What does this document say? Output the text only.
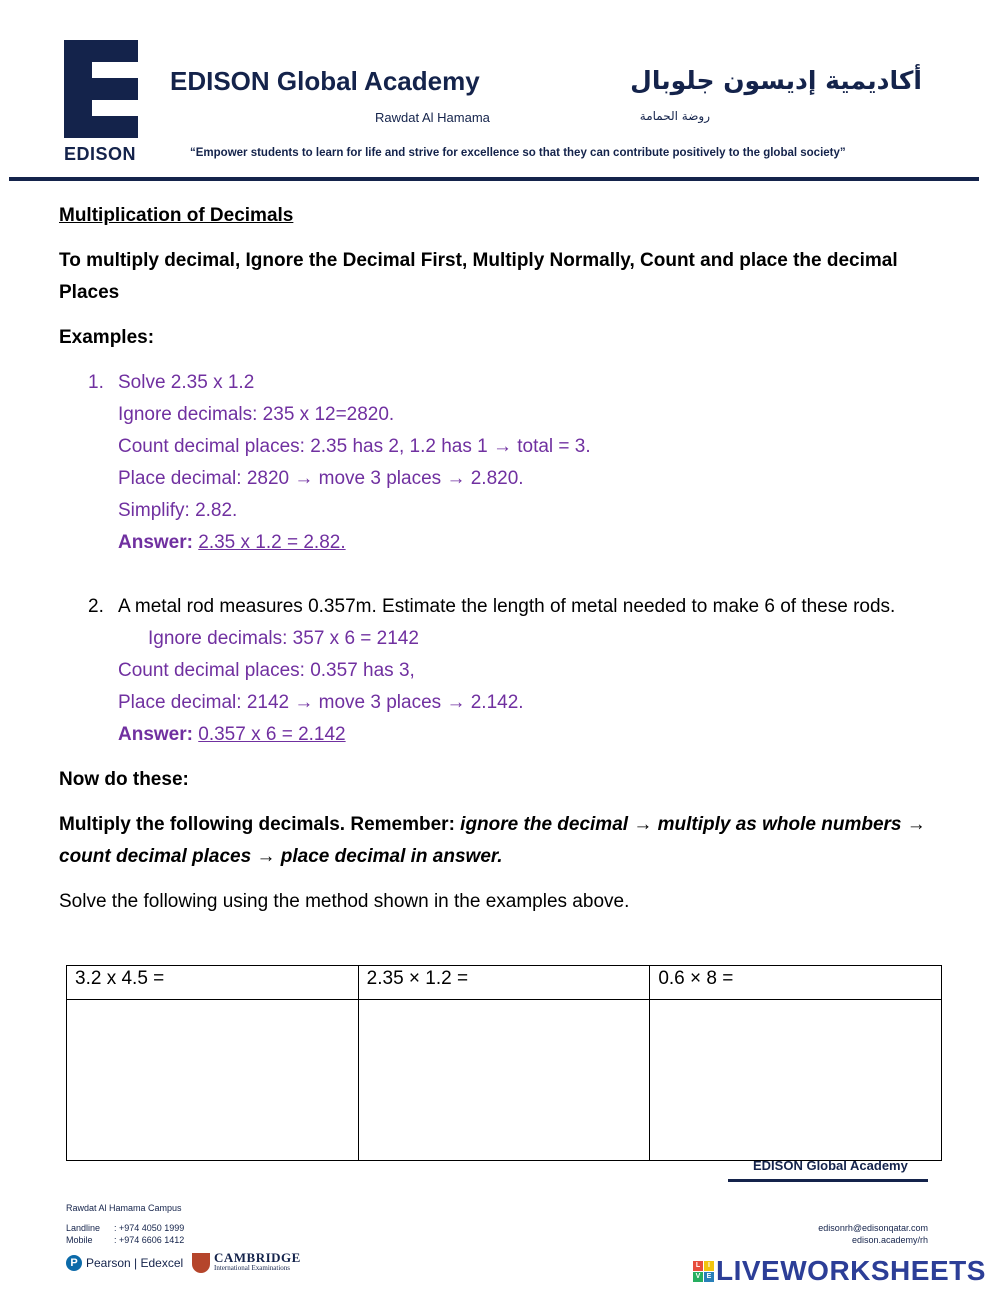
EDISON
EDISON Global Academy
Rawdat Al Hamama
أكاديمية إديسون جلوبال
روضة الحمامة
“Empower students to learn for life and strive for excellence so that they can contribute positively to the global society”
Multiplication of Decimals
To multiply decimal, Ignore the Decimal First, Multiply Normally, Count and place the decimal Places
Examples:
1. Solve 2.35 x 1.2
Ignore decimals: 235 x 12=2820.
Count decimal places: 2.35 has 2, 1.2 has 1 → total = 3.
Place decimal: 2820 → move 3 places → 2.820.
Simplify: 2.82.
Answer: 2.35 x 1.2 = 2.82.
2. A metal rod measures 0.357m. Estimate the length of metal needed to make 6 of these rods.
Ignore decimals: 357 x 6 = 2142
Count decimal places: 0.357 has 3,
Place decimal: 2142 → move 3 places → 2.142.
Answer: 0.357 x 6 = 2.142
Now do these:
Multiply the following decimals. Remember: ignore the decimal → multiply as whole numbers → count decimal places → place decimal in answer.
Solve the following using the method shown in the examples above.
3.2 x 4.5 =	2.35 × 1.2 =	0.6 × 8 =

EDISON Global Academy
Rawdat Al Hamama Campus
Landline : +974 4050 1999
Mobile : +974 6606 1412
edisonrh@edisonqatar.com
edison.academy/rh
P Pearson | Edexcel CAMBRIDGE
International Examinations	L	I
V E LIVEWORKSHEETS
